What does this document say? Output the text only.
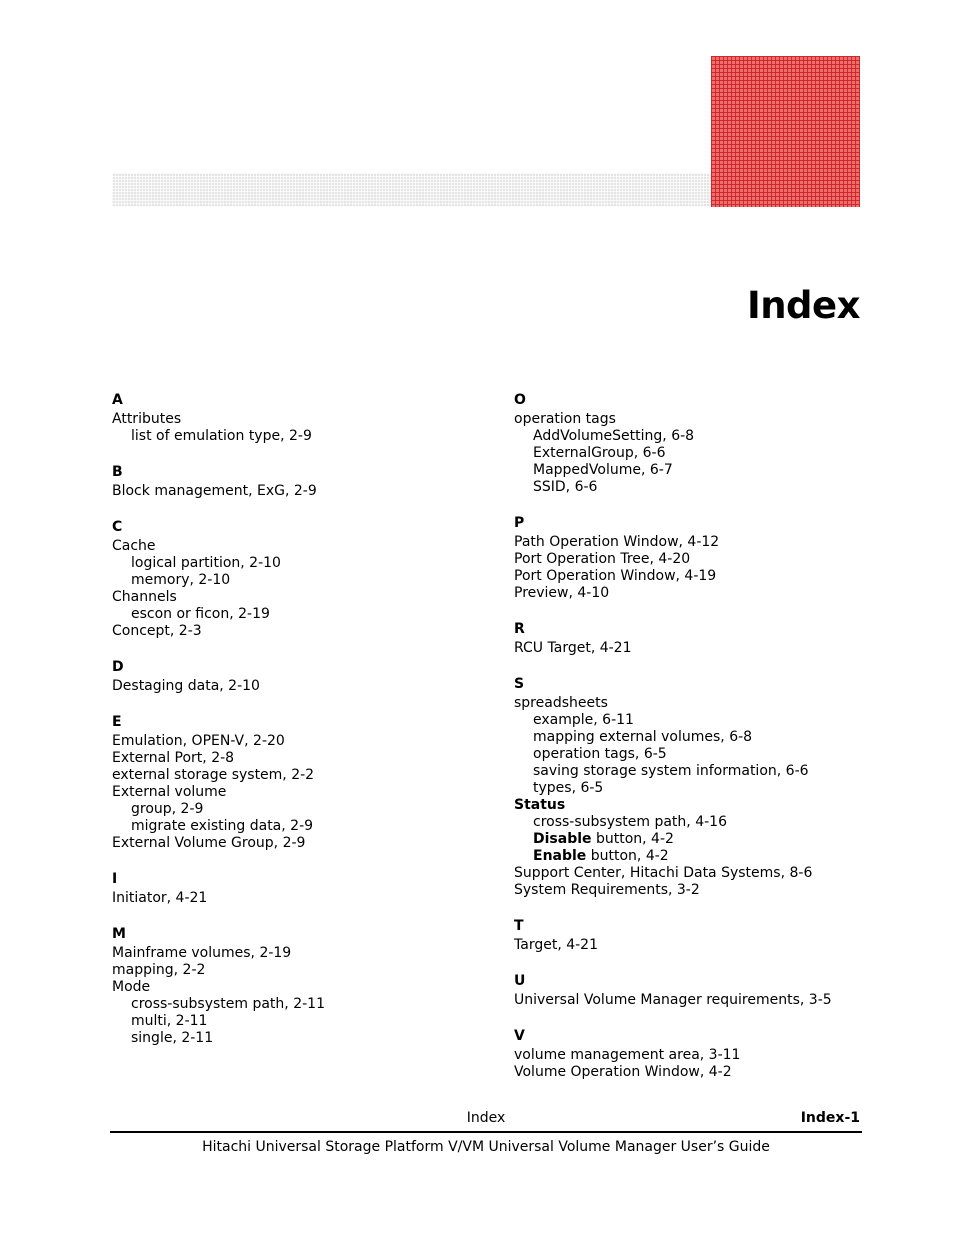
Index
A
Attributes
list of emulation type, 2-9
B
Block management, ExG, 2-9
C
Cache
logical partition, 2-10
memory, 2-10
Channels
escon or ficon, 2-19
Concept, 2-3
D
Destaging data, 2-10
E
Emulation, OPEN-V, 2-20
External Port, 2-8
external storage system, 2-2
External volume
group, 2-9
migrate existing data, 2-9
External Volume Group, 2-9
I
Initiator, 4-21
M
Mainframe volumes, 2-19
mapping, 2-2
Mode
cross-subsystem path, 2-11
multi, 2-11
single, 2-11
O
operation tags
AddVolumeSetting, 6-8
ExternalGroup, 6-6
MappedVolume, 6-7
SSID, 6-6
P
Path Operation Window, 4-12
Port Operation Tree, 4-20
Port Operation Window, 4-19
Preview, 4-10
R
RCU Target, 4-21
S
spreadsheets
example, 6-11
mapping external volumes, 6-8
operation tags, 6-5
saving storage system information, 6-6
types, 6-5
Status
cross-subsystem path, 4-16
Disable button, 4-2
Enable button, 4-2
Support Center, Hitachi Data Systems, 8-6
System Requirements, 3-2
T
Target, 4-21
U
Universal Volume Manager requirements, 3-5
V
volume management area, 3-11
Volume Operation Window, 4-2
Index	Index-1
Hitachi Universal Storage Platform V/VM Universal Volume Manager User’s Guide
